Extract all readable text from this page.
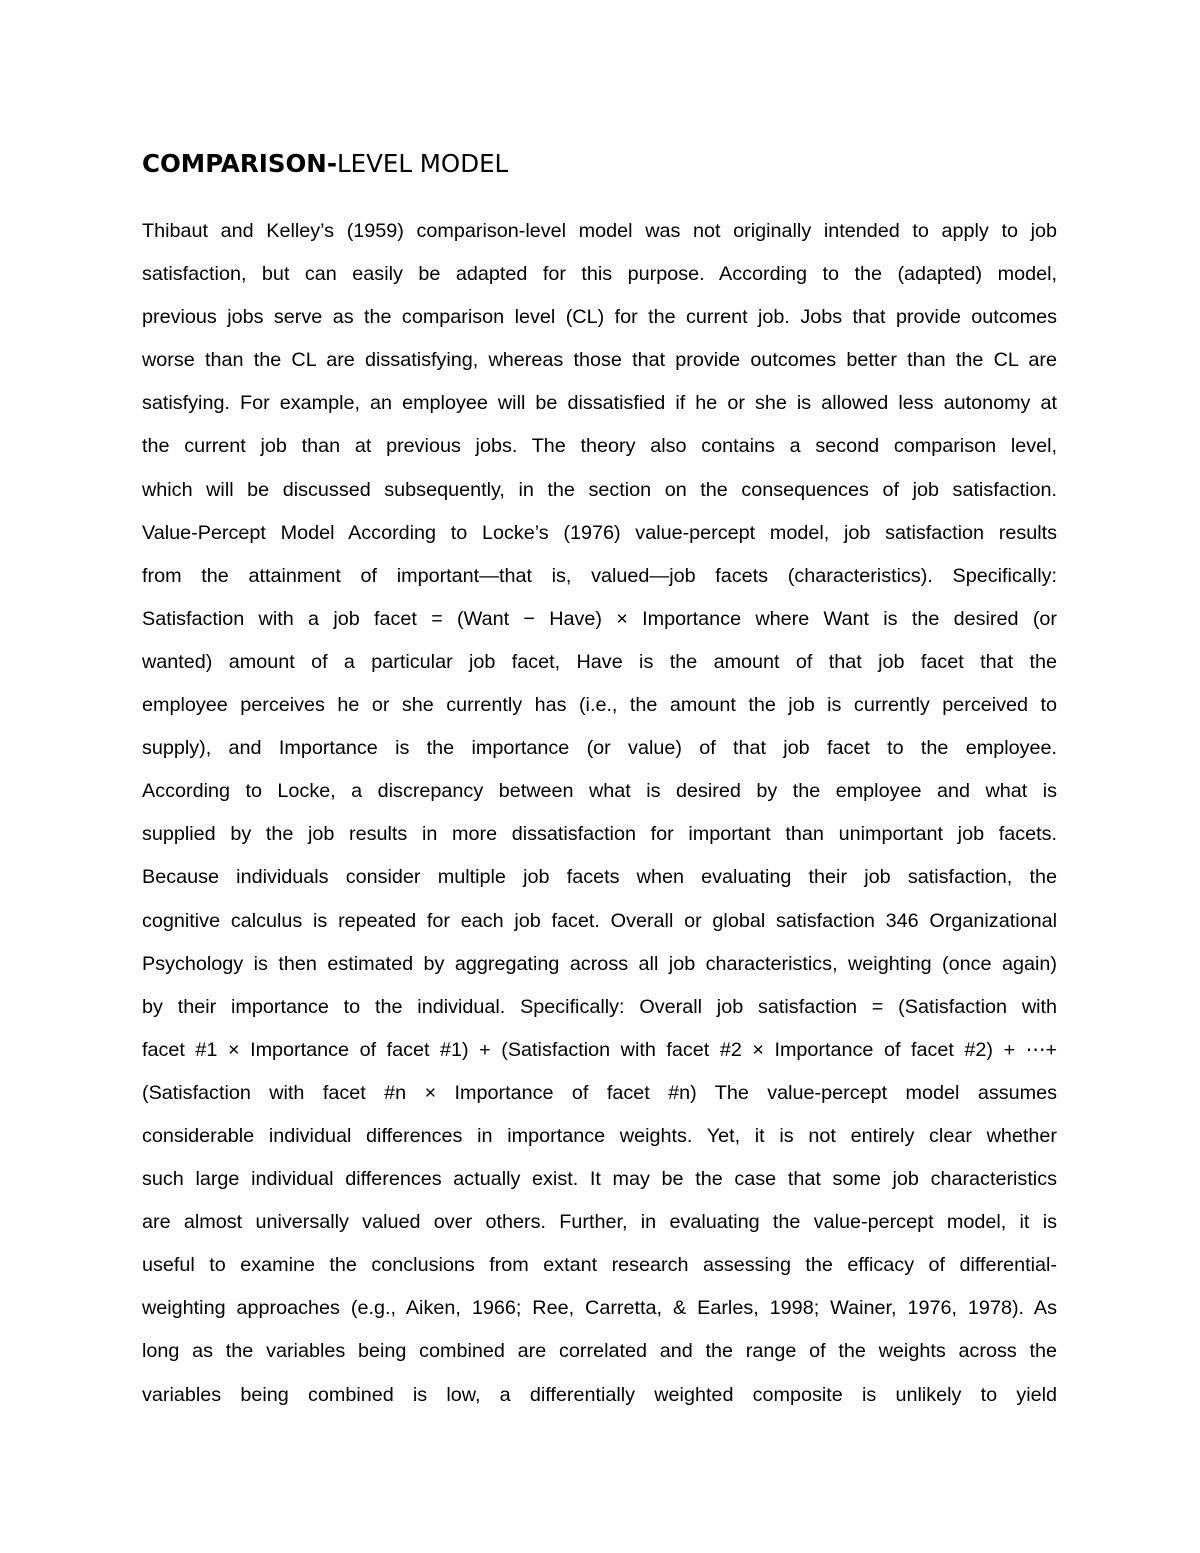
COMPARISON-LEVEL MODEL
Thibaut and Kelley’s (1959) comparison-level model was not originally intended to apply to job
satisfaction, but can easily be adapted for this purpose. According to the (adapted) model,
previous jobs serve as the comparison level (CL) for the current job. Jobs that provide outcomes
worse than the CL are dissatisfying, whereas those that provide outcomes better than the CL are
satisfying. For example, an employee will be dissatisfied if he or she is allowed less autonomy at
the current job than at previous jobs. The theory also contains a second comparison level,
which will be discussed subsequently, in the section on the consequences of job satisfaction.
Value-Percept Model According to Locke’s (1976) value-percept model, job satisfaction results
from the attainment of important—that is, valued—job facets (characteristics). Specifically:
Satisfaction with a job facet = (Want − Have) × Importance where Want is the desired (or
wanted) amount of a particular job facet, Have is the amount of that job facet that the
employee perceives he or she currently has (i.e., the amount the job is currently perceived to
supply), and Importance is the importance (or value) of that job facet to the employee.
According to Locke, a discrepancy between what is desired by the employee and what is
supplied by the job results in more dissatisfaction for important than unimportant job facets.
Because individuals consider multiple job facets when evaluating their job satisfaction, the
cognitive calculus is repeated for each job facet. Overall or global satisfaction 346 Organizational
Psychology is then estimated by aggregating across all job characteristics, weighting (once again)
by their importance to the individual. Specifically: Overall job satisfaction = (Satisfaction with
facet #1 × Importance of facet #1) + (Satisfaction with facet #2 × Importance of facet #2) + ⋯+
(Satisfaction with facet #n × Importance of facet #n) The value-percept model assumes
considerable individual differences in importance weights. Yet, it is not entirely clear whether
such large individual differences actually exist. It may be the case that some job characteristics
are almost universally valued over others. Further, in evaluating the value-percept model, it is
useful to examine the conclusions from extant research assessing the efficacy of differential-
weighting approaches (e.g., Aiken, 1966; Ree, Carretta, & Earles, 1998; Wainer, 1976, 1978). As
long as the variables being combined are correlated and the range of the weights across the
variables being combined is low, a differentially weighted composite is unlikely to yield
